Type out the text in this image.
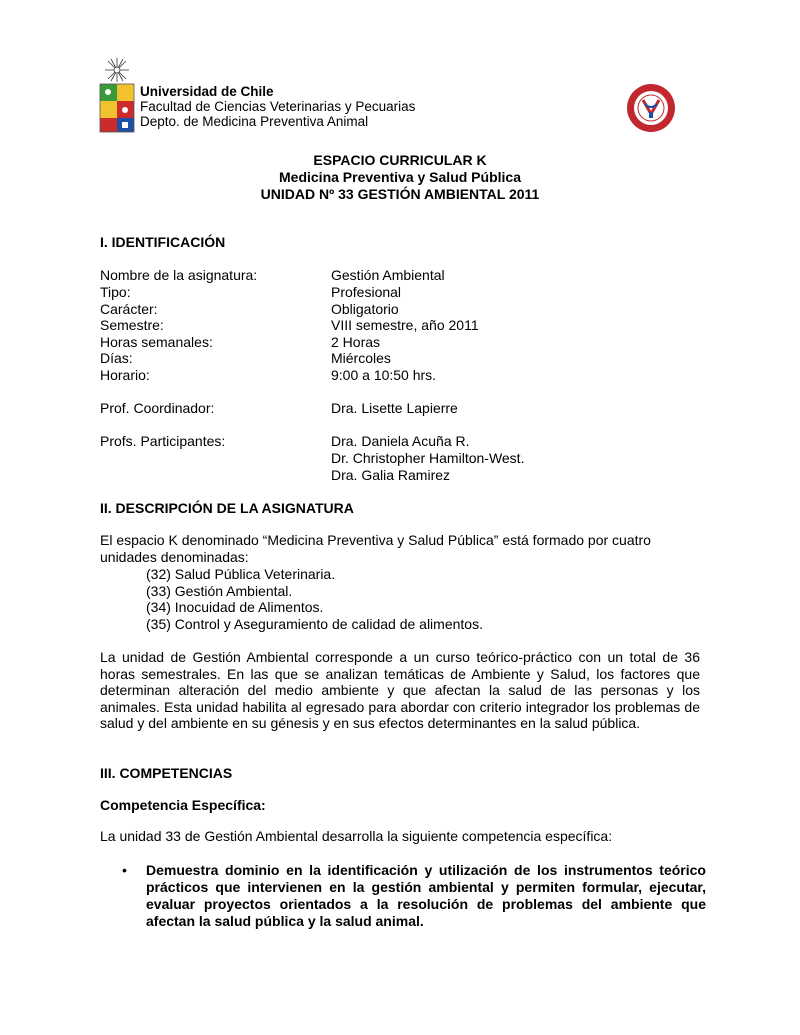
Universidad de Chile
Facultad de Ciencias Veterinarias y Pecuarias
Depto. de Medicina Preventiva Animal
ESPACIO CURRICULAR K
Medicina Preventiva y Salud Pública
UNIDAD Nº 33 GESTIÓN AMBIENTAL 2011
I. IDENTIFICACIÓN
Nombre de la asignatura:	Gestión Ambiental
Tipo:	Profesional
Carácter:	Obligatorio
Semestre:	VIII semestre, año 2011
Horas semanales:	2 Horas
Días:	Miércoles
Horario:	9:00 a 10:50 hrs.
Prof. Coordinador:	Dra. Lisette Lapierre
Profs. Participantes:	Dra. Daniela Acuña R.
Dr. Christopher Hamilton-West.
Dra. Galia Ramirez
II. DESCRIPCIÓN DE LA ASIGNATURA
El espacio K denominado “Medicina Preventiva y Salud Pública” está formado por cuatro
unidades denominadas:
(32) Salud Pública Veterinaria.
(33) Gestión Ambiental.
(34) Inocuidad de Alimentos.
(35) Control y Aseguramiento de calidad de alimentos.
La unidad de Gestión Ambiental corresponde a un curso teórico-práctico con un total de 36 horas semestrales. En las que se analizan temáticas de Ambiente y Salud, los factores que determinan alteración del medio ambiente y que afectan la salud de las personas y los animales. Esta unidad habilita al egresado para abordar con criterio integrador los problemas de salud y del ambiente en su génesis y en sus efectos determinantes en la salud pública.
III. COMPETENCIAS
Competencia Específica:
La unidad 33 de Gestión Ambiental desarrolla la siguiente competencia específica:
• Demuestra dominio en la identificación y utilización de los instrumentos teórico prácticos que intervienen en la gestión ambiental y permiten formular, ejecutar, evaluar proyectos orientados a la resolución de problemas del ambiente que afectan la salud pública y la salud animal.
